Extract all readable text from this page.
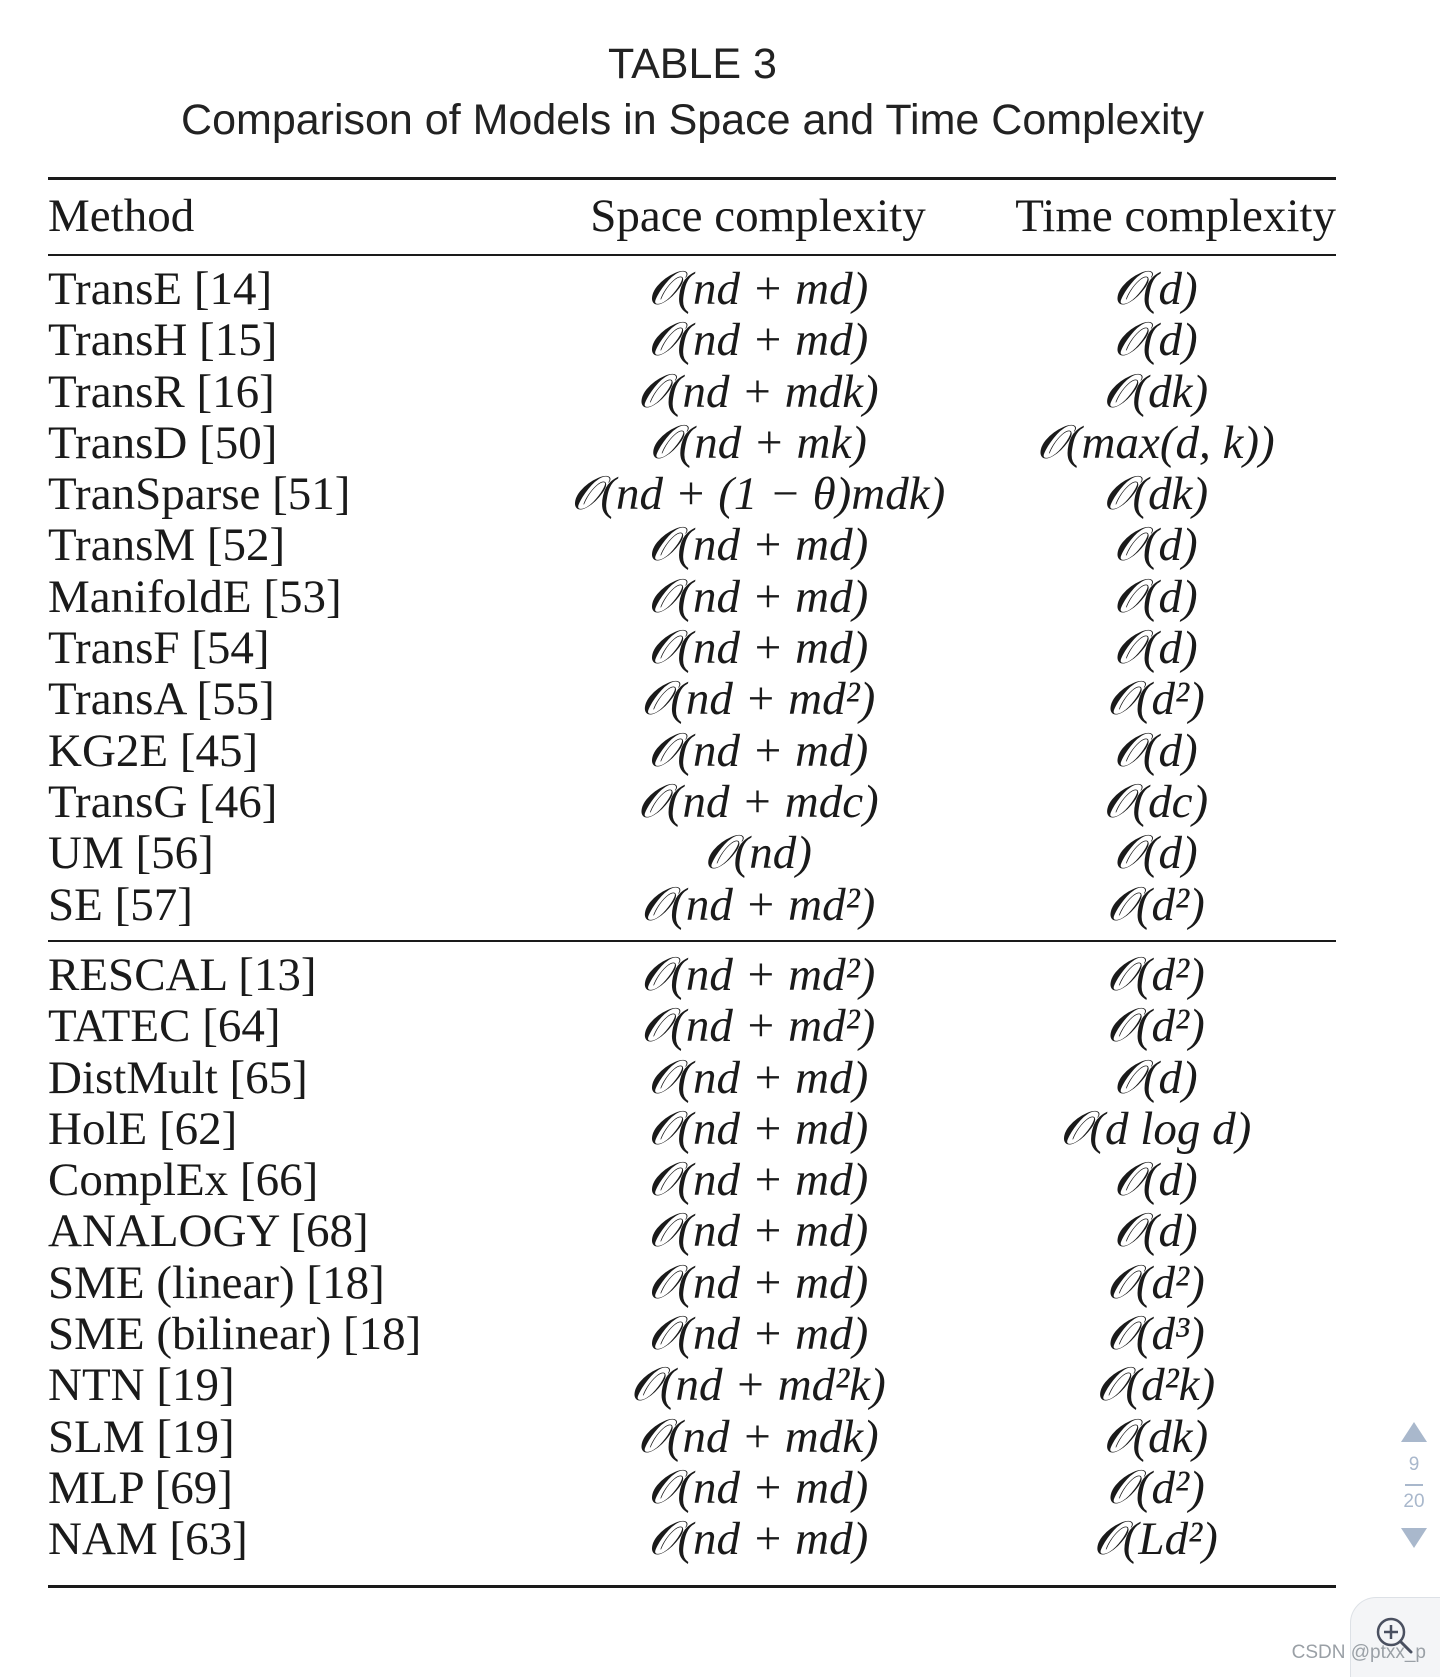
TABLE 3
Comparison of Models in Space and Time Complexity
Method	Space complexity	Time complexity
TransE [14]	𝒪(nd + md)	𝒪(d)
TransH [15]	𝒪(nd + md)	𝒪(d)
TransR [16]	𝒪(nd + mdk)	𝒪(dk)
TransD [50]	𝒪(nd + mk)	𝒪(max(d, k))
TranSparse [51]	𝒪(nd + (1 − θ)mdk)	𝒪(dk)
TransM [52]	𝒪(nd + md)	𝒪(d)
ManifoldE [53]	𝒪(nd + md)	𝒪(d)
TransF [54]	𝒪(nd + md)	𝒪(d)
TransA [55]	𝒪(nd + md²)	𝒪(d²)
KG2E [45]	𝒪(nd + md)	𝒪(d)
TransG [46]	𝒪(nd + mdc)	𝒪(dc)
UM [56]	𝒪(nd)	𝒪(d)
SE [57]	𝒪(nd + md²)	𝒪(d²)
RESCAL [13]	𝒪(nd + md²)	𝒪(d²)
TATEC [64]	𝒪(nd + md²)	𝒪(d²)
DistMult [65]	𝒪(nd + md)	𝒪(d)
HolE [62]	𝒪(nd + md)	𝒪(d log d)
ComplEx [66]	𝒪(nd + md)	𝒪(d)
ANALOGY [68]	𝒪(nd + md)	𝒪(d)
SME (linear) [18]	𝒪(nd + md)	𝒪(d²)
SME (bilinear) [18]	𝒪(nd + md)	𝒪(d³)
NTN [19]	𝒪(nd + md²k)	𝒪(d²k)
SLM [19]	𝒪(nd + mdk)	𝒪(dk)
MLP [69]	𝒪(nd + md)	𝒪(d²)
NAM [63]	𝒪(nd + md)	𝒪(Ld²)
9
20
CSDN @ptxx_p
